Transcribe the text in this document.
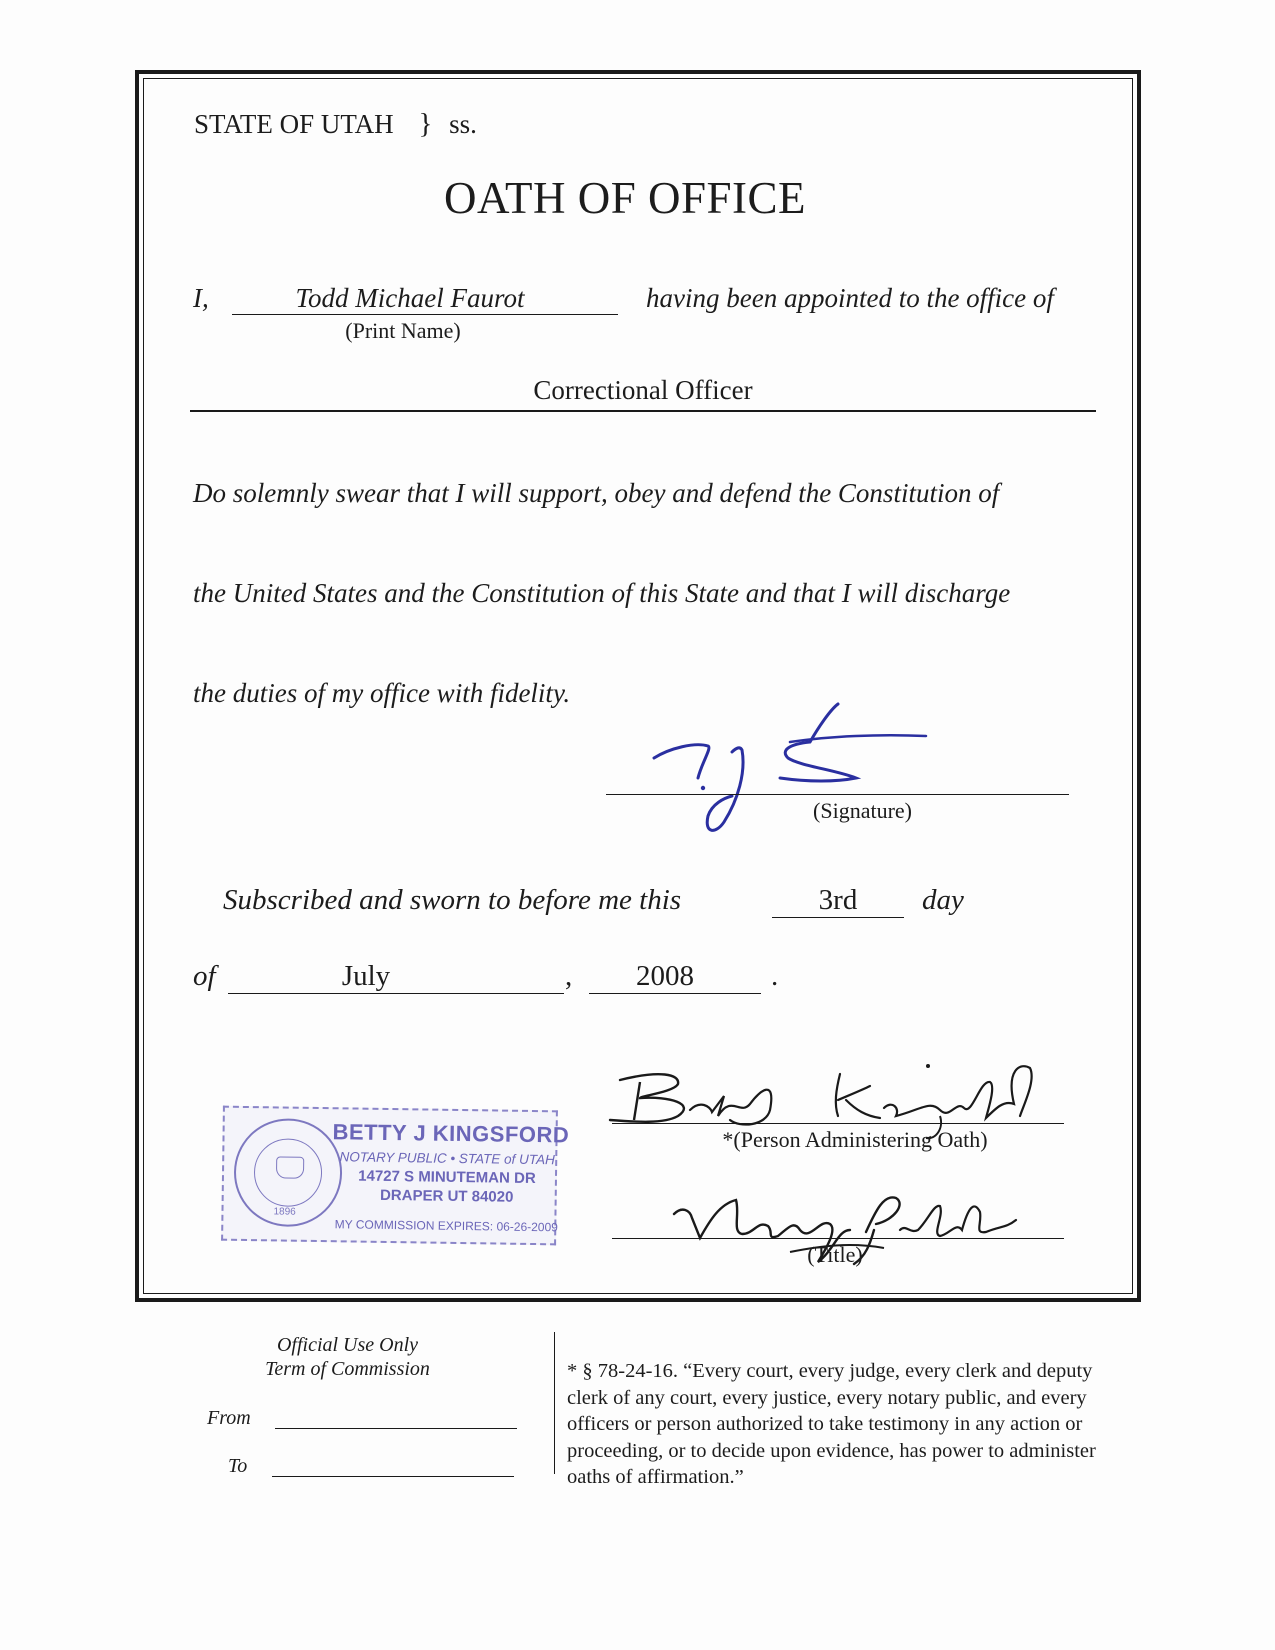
STATE OF UTAH } ss.
OATH OF OFFICE
I,	Todd Michael Faurot
(Print Name)
having been appointed to the office of
Correctional Officer
Do solemnly swear that I will support, obey and defend the Constitution of
the United States and the Constitution of this State and that I will discharge
the duties of my office with fidelity.
(Signature)
Subscribed and sworn to before me this	3rd	day
of	July	,	2008	.
1896
BETTY J KINGSFORD
NOTARY PUBLIC • STATE of UTAH
14727 S MINUTEMAN DR
DRAPER UT 84020
MY COMMISSION EXPIRES: 06-26-2009
*(Person Administering Oath)
(Title)
Official Use Only
Term of Commission
From
To
* § 78-24-16. “Every court, every judge, every clerk and deputy clerk of any court, every justice, every notary public, and every officers or person authorized to take testimony in any action or proceeding, or to decide upon evidence, has power to administer oaths of affirmation.”
